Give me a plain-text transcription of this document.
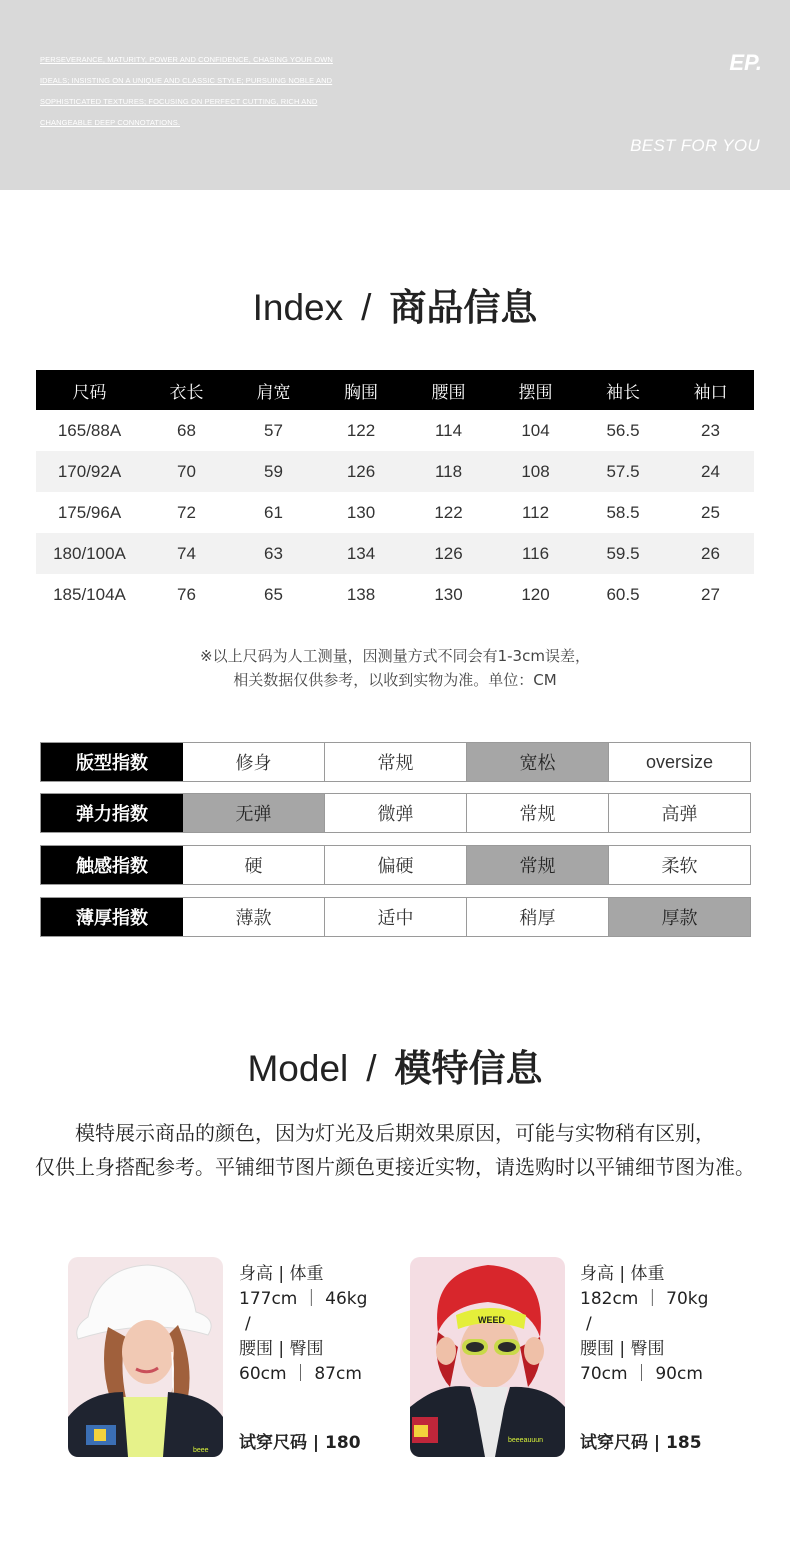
PERSEVERANCE, MATURITY, POWER AND CONFIDENCE, CHASING YOUR OWN
IDEALS; INSISTING ON A UNIQUE AND CLASSIC STYLE; PURSUING NOBLE AND
SOPHISTICATED TEXTURES; FOCUSING ON PERFECT CUTTING, RICH AND
CHANGEABLE DEEP CONNOTATIONS.
EP.
BEST FOR YOU
Index / 商品信息
尺码	衣长	肩宽	胸围	腰围	摆围	袖长	袖口
165/88A	68	57	122	114	104	56.5	23
170/92A	70	59	126	118	108	57.5	24
175/96A	72	61	130	122	112	58.5	25
180/100A	74	63	134	126	116	59.5	26
185/104A	76	65	138	130	120	60.5	27
※以上尺码为人工测量，因测量方式不同会有1-3cm误差，
相关数据仅供参考，以收到实物为准。单位：CM
版型指数	修身	常规	宽松	oversize
弹力指数	无弹	微弹	常规	高弹
触感指数	硬	偏硬	常规	柔软
薄厚指数	薄款	适中	稍厚	厚款
Model / 模特信息
模特展示商品的颜色，因为灯光及后期效果原因，可能与实物稍有区别，
仅供上身搭配参考。平铺细节图片颜色更接近实物，请选购时以平铺细节图为准。
beee
身高 | 体重
177cm ｜ 46kg
/
腰围 | 臀围
60cm ｜ 87cm
试穿尺码 | 180
WEED
beeeauuun
身高 | 体重
182cm ｜ 70kg
/
腰围 | 臀围
70cm ｜ 90cm
试穿尺码 | 185
